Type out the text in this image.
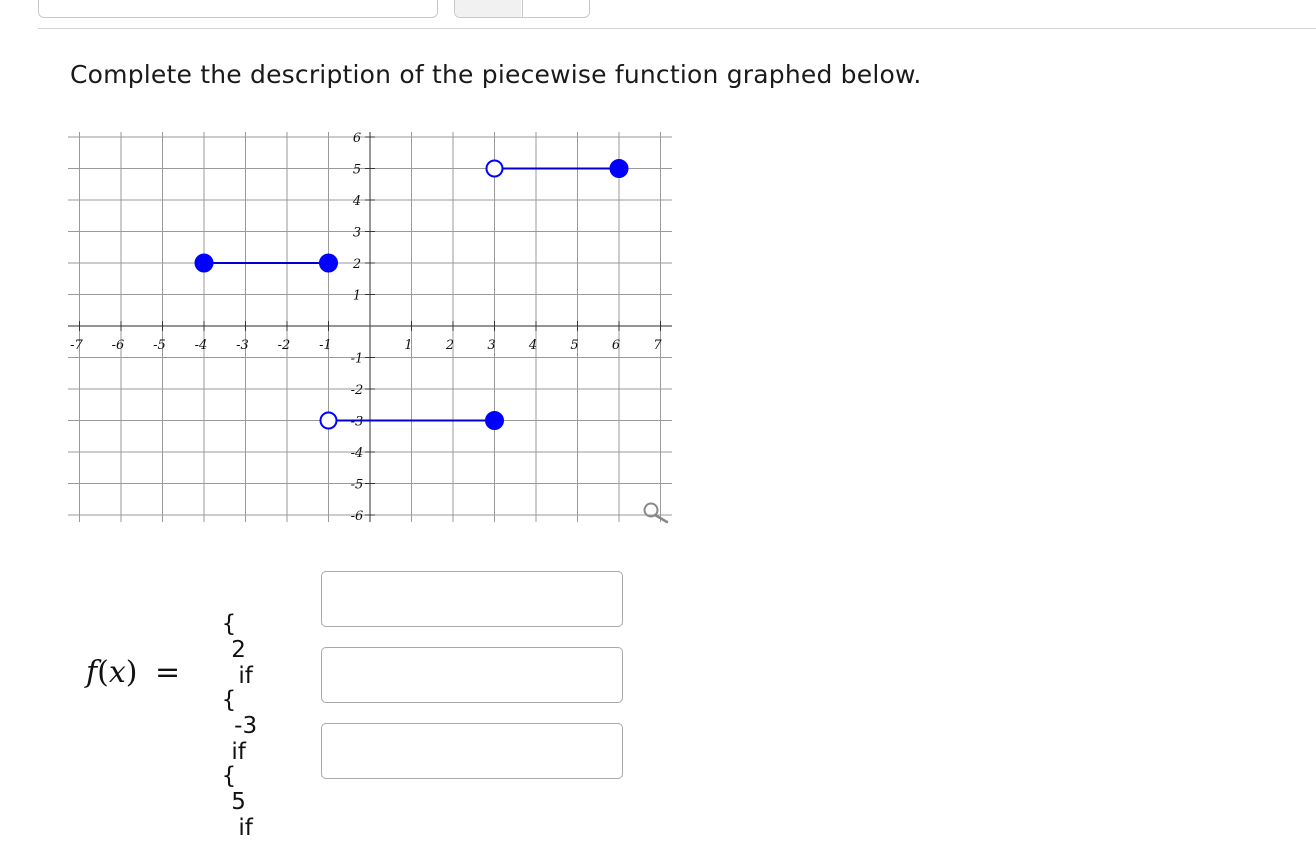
Complete the description of the piecewise function graphed below.
-7 -6 -5 -4 -3 -2 -1	1	2	3	4	5	6	7
6
5
4
3
2
1
-1
-2
-3
-4
-5
-6

{
2
if

f(x) =

{
-3
if

{
5
if
